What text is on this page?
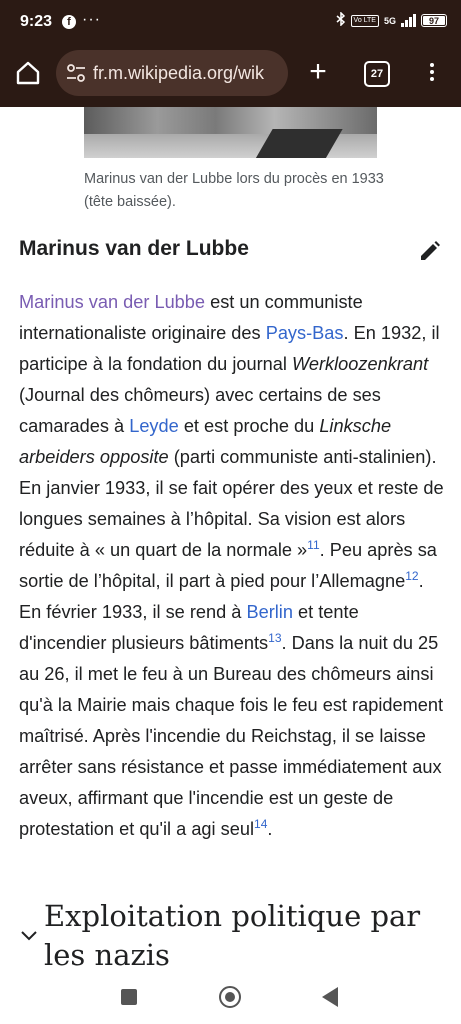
9:23	f ···	Vo LTE 5G	97
fr.m.wikipedia.org/wik +	27
Marinus van der Lubbe lors du procès en 1933 (tête baissée).
Marinus van der Lubbe

Marinus van der Lubbe est un communiste internationaliste originaire des Pays-Bas. En 1932, il participe à la fondation du journal Werkloozenkrant (Journal des chômeurs) avec certains de ses camarades à Leyde et est proche du Linksche arbeiders opposite (parti communiste anti-stalinien). En janvier 1933, il se fait opérer des yeux et reste de longues semaines à l’hôpital. Sa vision est alors réduite à « un quart de la normale »$^{11}$. Peu après sa sortie de l’hôpital, il part à pied pour l’Allemagne$^{12}$. En février 1933, il se rend à Berlin et tente d'incendier plusieurs bâtiments$^{13}$. Dans la nuit du 25 au 26, il met le feu à un Bureau des chômeurs ainsi qu'à la Mairie mais chaque fois le feu est rapidement maîtrisé. Après l'incendie du Reichstag, il se laisse arrêter sans résistance et passe immédiatement aux aveux, affirmant que l'incendie est un geste de protestation et qu'il a agi seul$^{14}$.

Exploitation politique par les nazis
